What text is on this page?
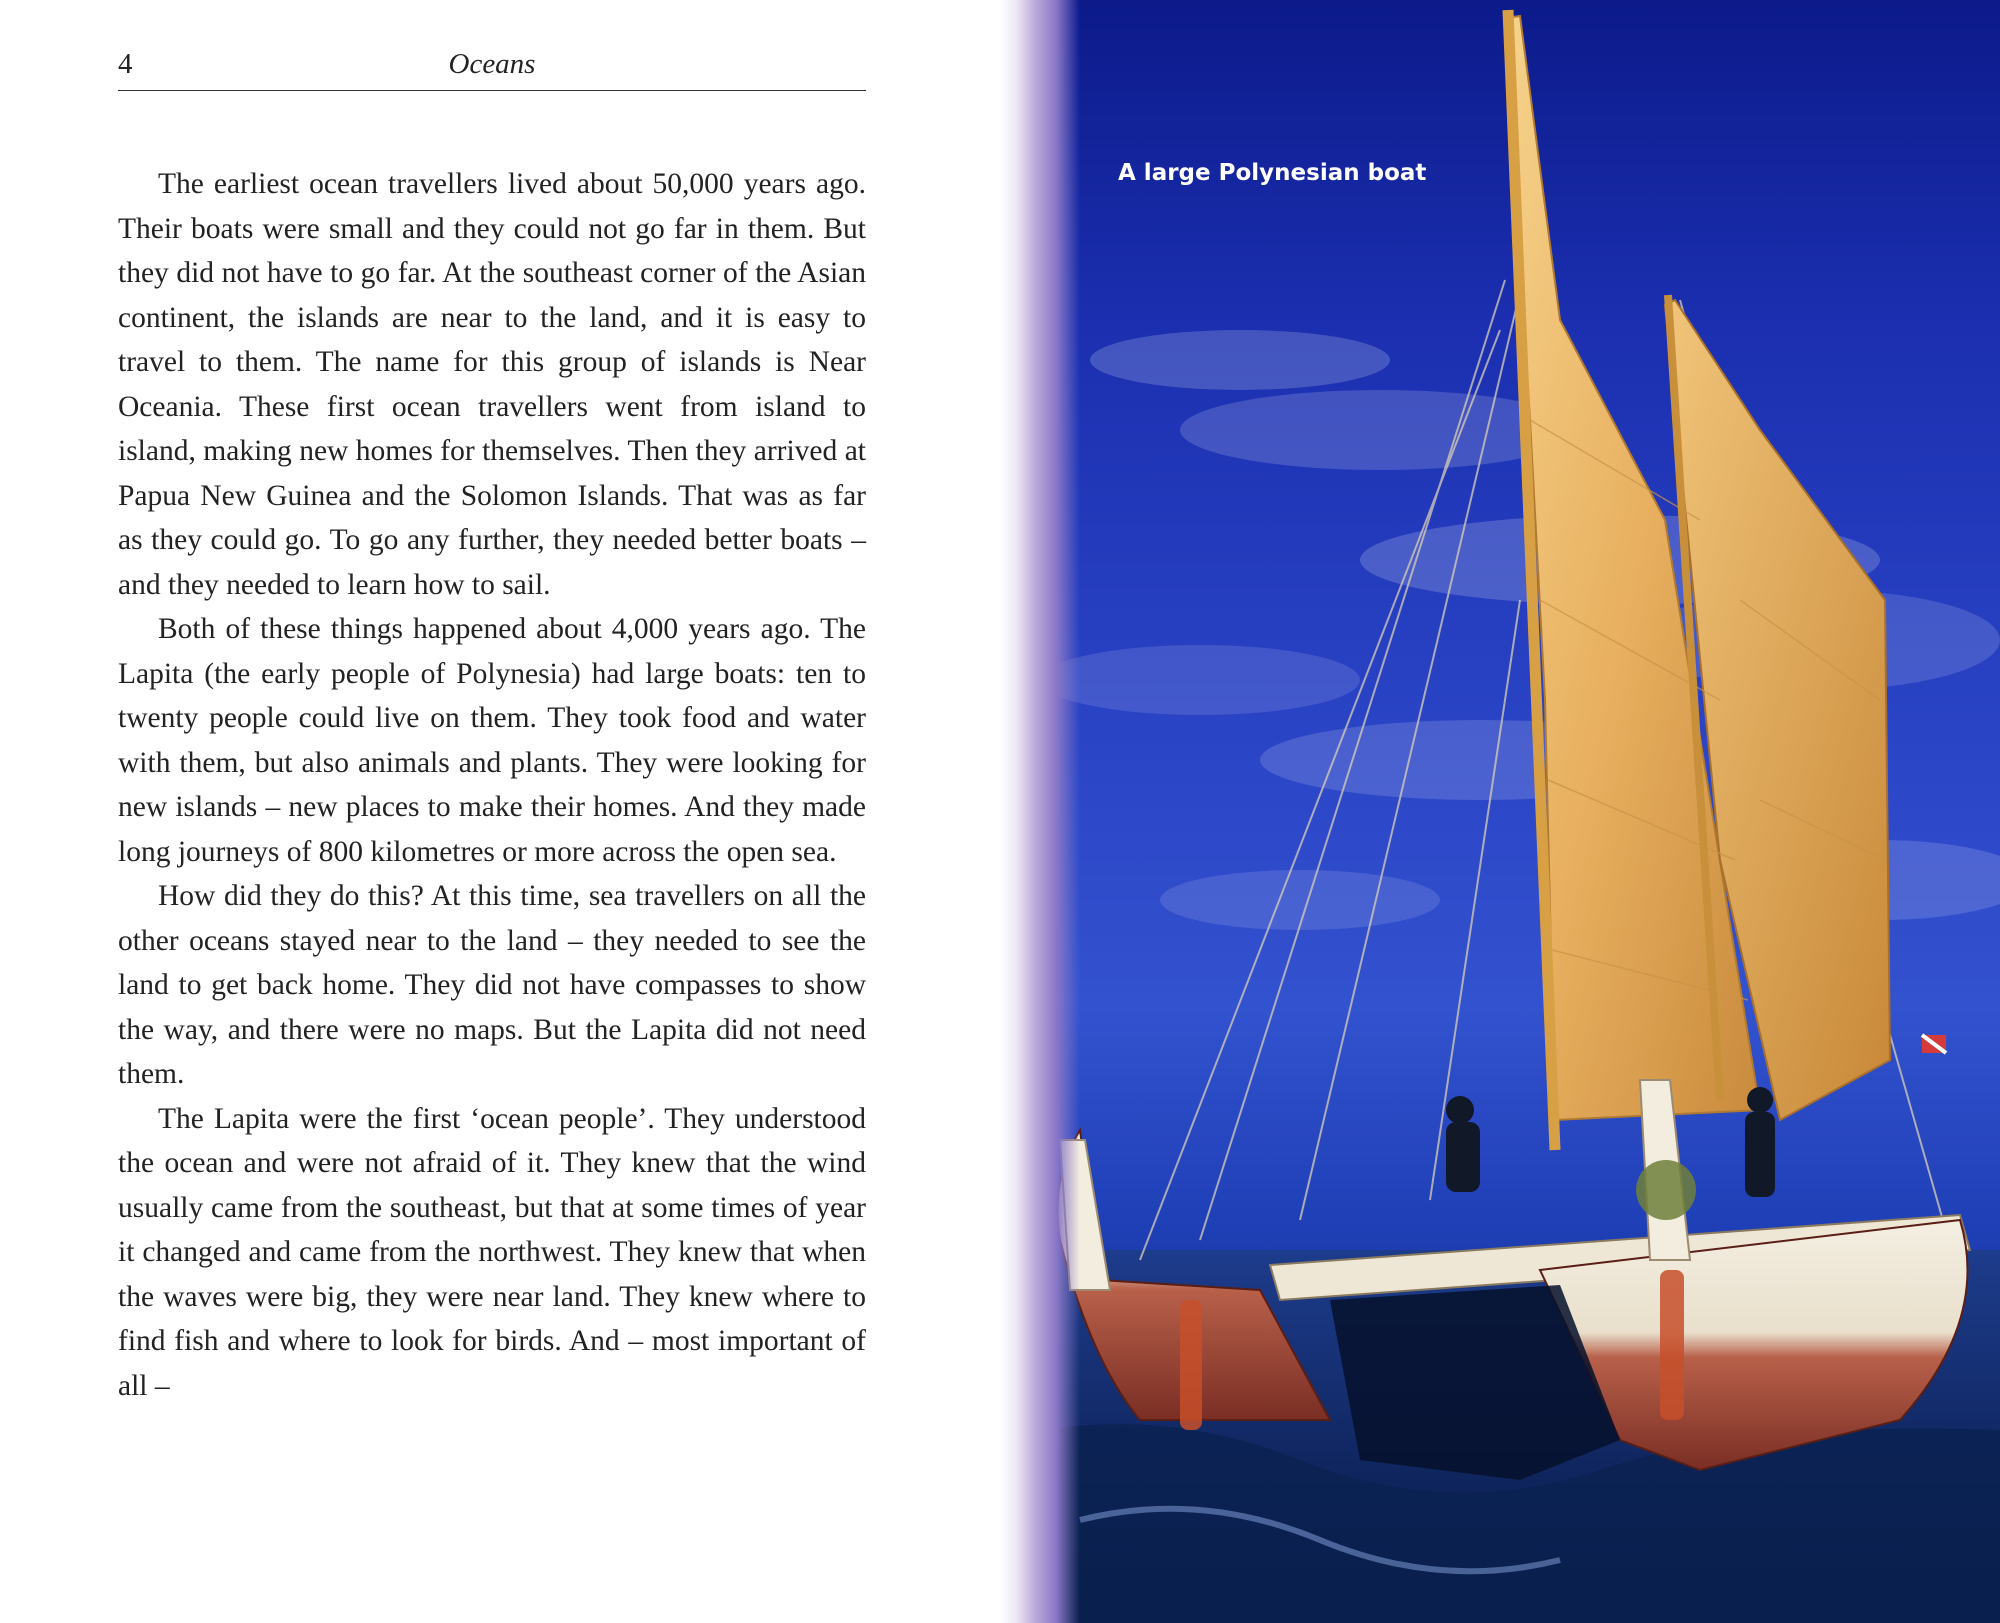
4	Oceans

The earliest ocean travellers lived about 50,000 years ago. Their boats were small and they could not go far in them. But they did not have to go far. At the southeast corner of the Asian continent, the islands are near to the land, and it is easy to travel to them. The name for this group of islands is Near Oceania. These first ocean travellers went from island to island, making new homes for themselves. Then they arrived at Papua New Guinea and the Solomon Islands. That was as far as they could go. To go any further, they needed better boats – and they needed to learn how to sail.

Both of these things happened about 4,000 years ago. The Lapita (the early people of Polynesia) had large boats: ten to twenty people could live on them. They took food and water with them, but also animals and plants. They were looking for new islands – new places to make their homes. And they made long journeys of 800 kilometres or more across the open sea.

How did they do this? At this time, sea travellers on all the other oceans stayed near to the land – they needed to see the land to get back home. They did not have compasses to show the way, and there were no maps. But the Lapita did not need them.

The Lapita were the first ‘ocean people’. They understood the ocean and were not afraid of it. They knew that the wind usually came from the southeast, but that at some times of year it changed and came from the northwest. They knew that when the waves were big, they were near land. They knew where to find fish and where to look for birds. And – most important of all –

A large Polynesian boat
